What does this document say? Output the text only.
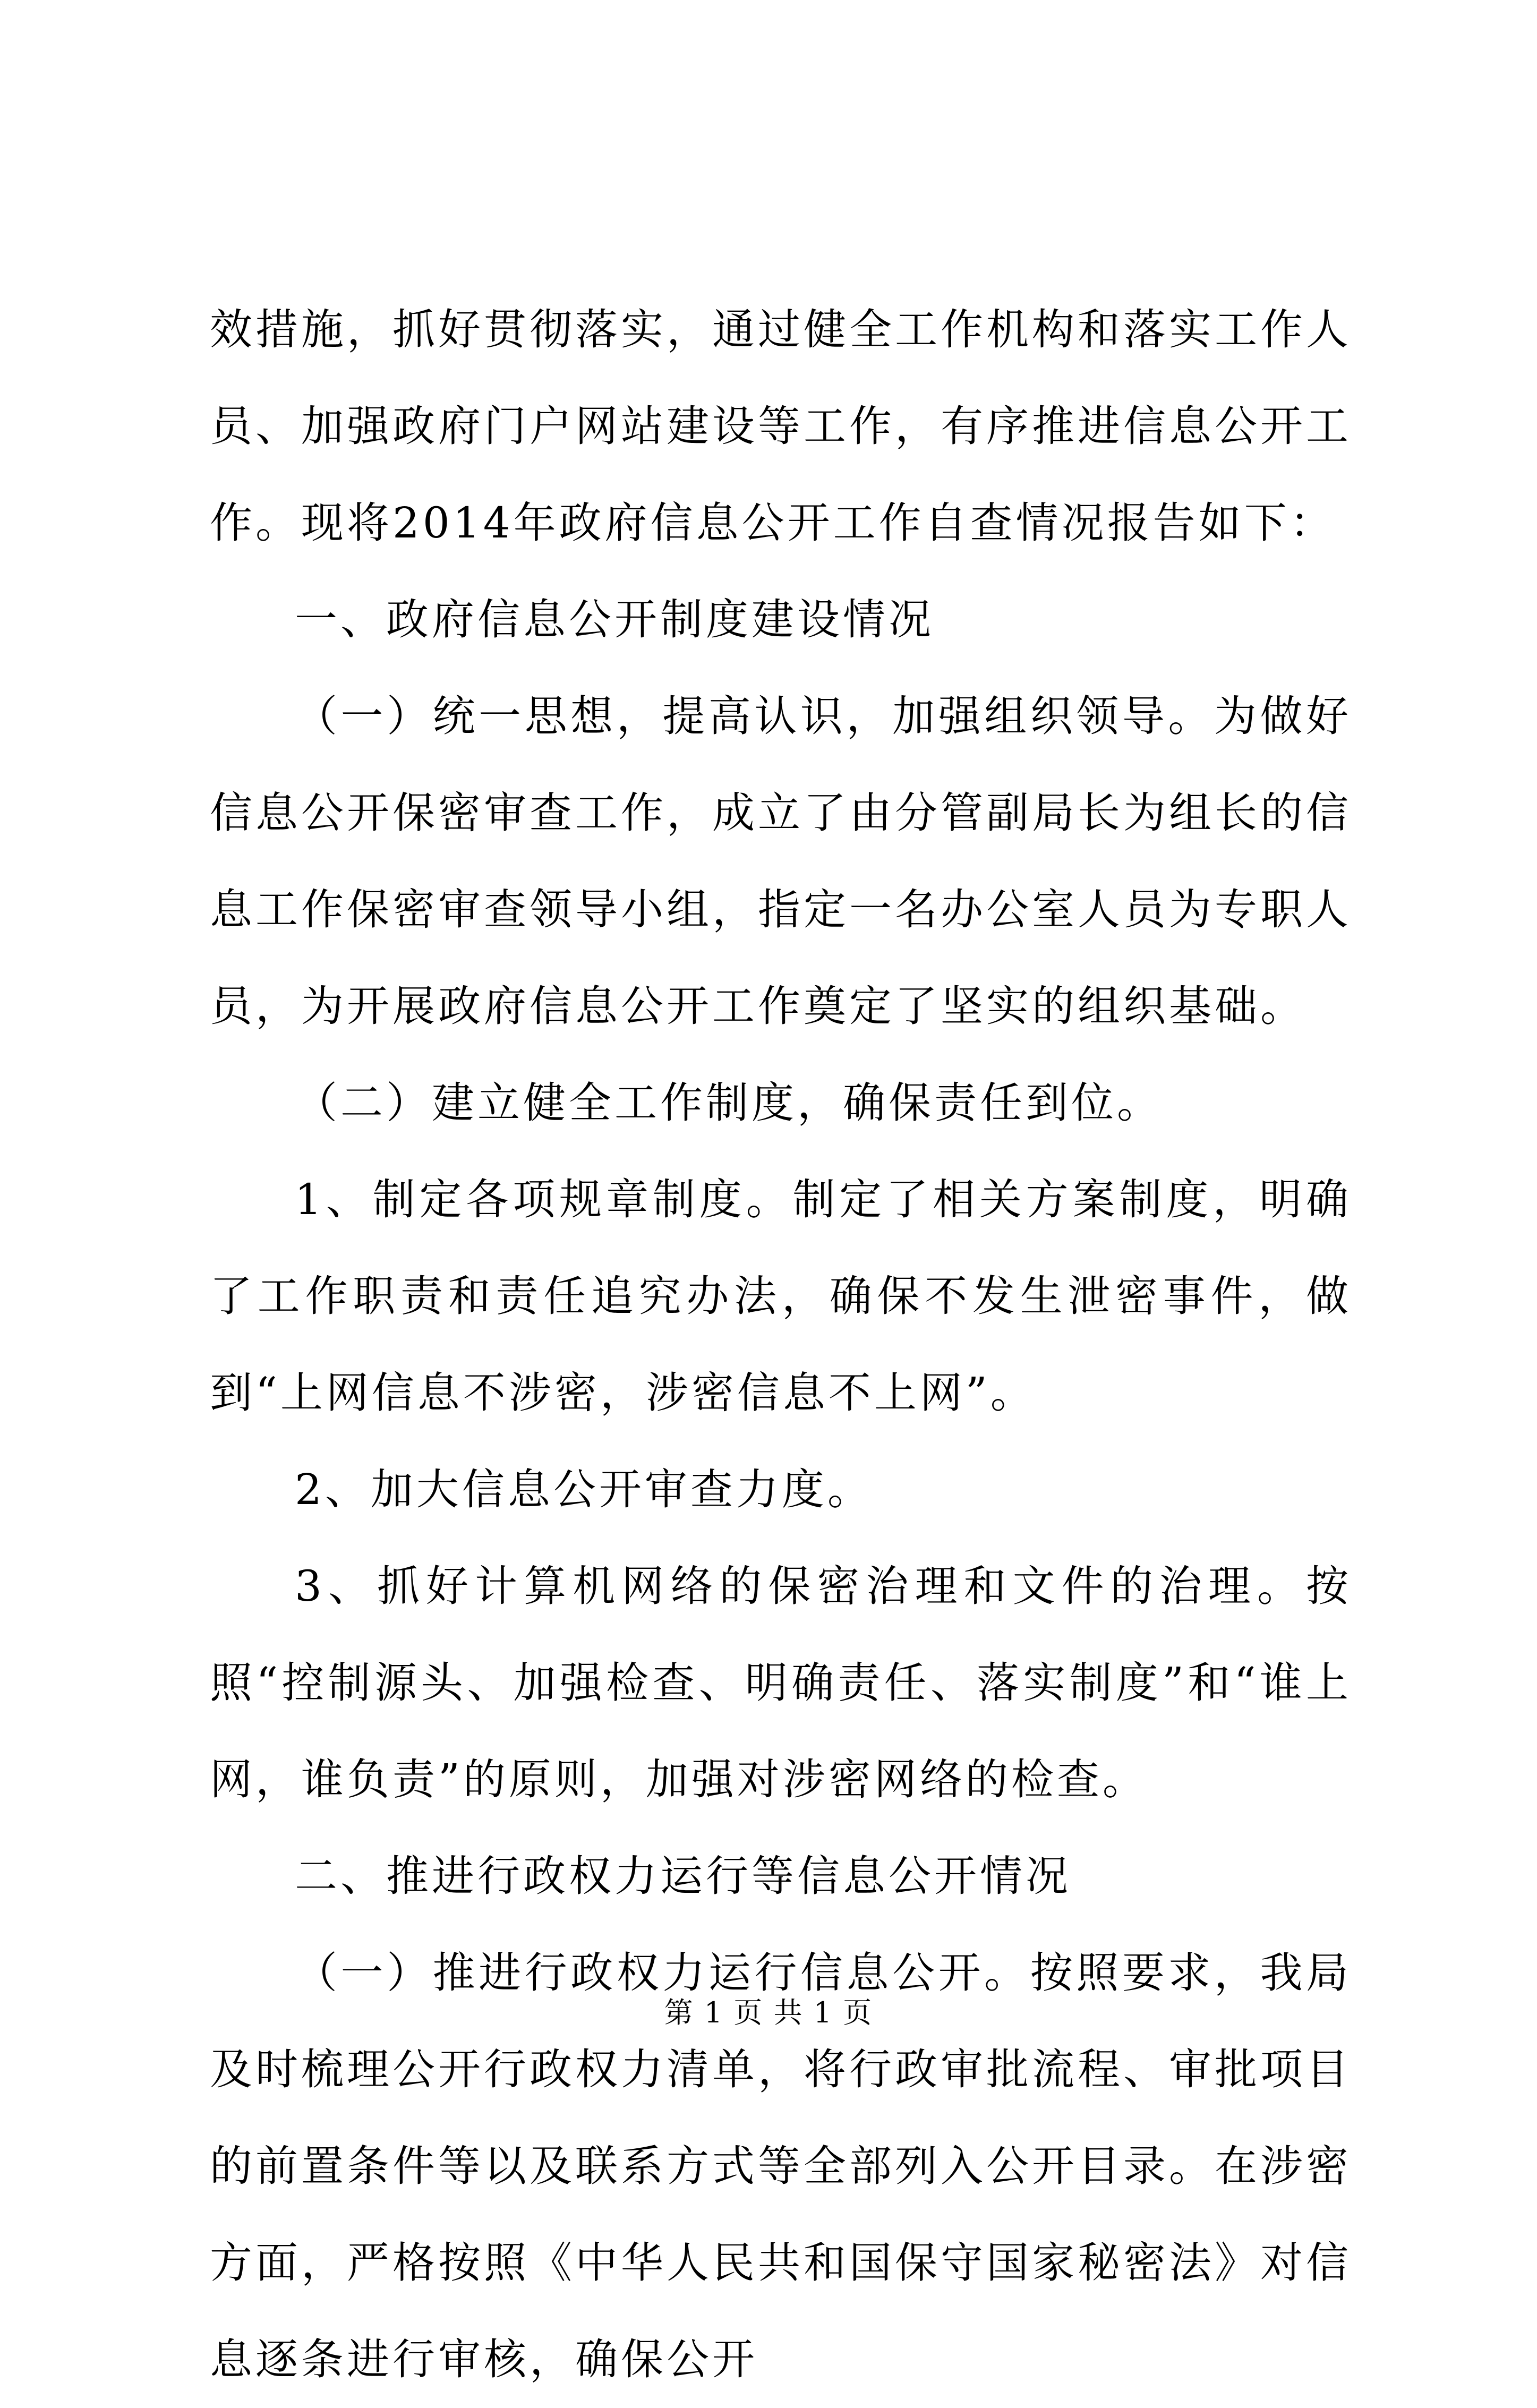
效措施，抓好贯彻落实，通过健全工作机构和落实工作人员、加强政府门户网站建设等工作，有序推进信息公开工作。现将2014年政府信息公开工作自查情况报告如下：

一、政府信息公开制度建设情况

（一）统一思想，提高认识，加强组织领导。为做好信息公开保密审查工作，成立了由分管副局长为组长的信息工作保密审查领导小组，指定一名办公室人员为专职人员，为开展政府信息公开工作奠定了坚实的组织基础。

（二）建立健全工作制度，确保责任到位。

1、制定各项规章制度。制定了相关方案制度，明确了工作职责和责任追究办法，确保不发生泄密事件，做到“上网信息不涉密，涉密信息不上网”。

2、加大信息公开审查力度。

3、抓好计算机网络的保密治理和文件的治理。按照“控制源头、加强检查、明确责任、落实制度”和“谁上网，谁负责”的原则，加强对涉密网络的检查。

二、推进行政权力运行等信息公开情况

（一）推进行政权力运行信息公开。按照要求，我局及时梳理公开行政权力清单，将行政审批流程、审批项目的前置条件等以及联系方式等全部列入公开目录。在涉密方面，严格按照《中华人民共和国保守国家秘密法》对信息逐条进行审核，确保公开

第 1 页 共 1 页
